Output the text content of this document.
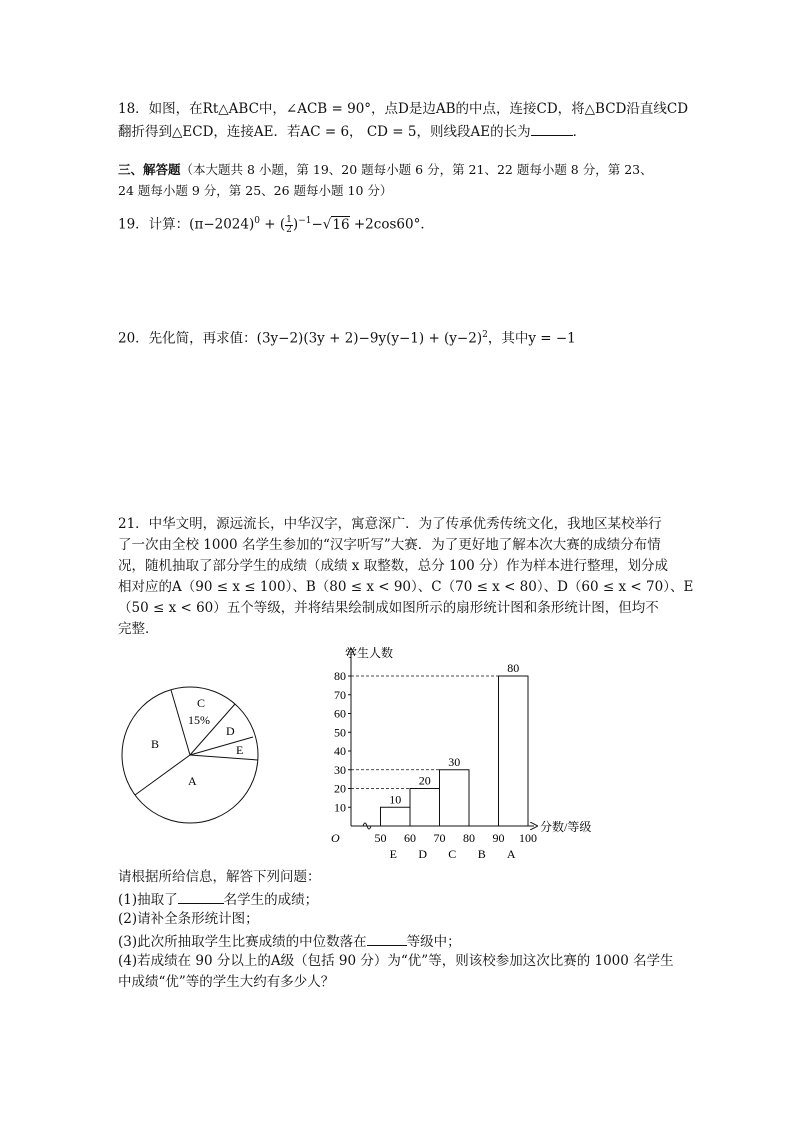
18．如图，在Rt△ABC中，∠ACB = 90°，点D是边AB的中点，连接CD，将△BCD沿直线CD
翻折得到△ECD，连接AE．若AC = 6， CD = 5，则线段AE的长为	．
三、解答题（本大题共 8 小题，第 19、20 题每小题 6 分，第 21、22 题每小题 8 分，第 23、
24 题每小题 9 分，第 25、26 题每小题 10 分）
19．计算：$(\pi-2024)^0$ + ( $\frac{1}{2} )^{-1}-√16 +2\cos 60^\circ$．
20．先化简，再求值：$(3y-2)(3y + 2)-9y(y-1) + (y-2)^2$，其中y = −1
21．中华文明，源远流长，中华汉字，寓意深广．为了传承优秀传统文化，我地区某校举行
了一次由全校 1000 名学生参加的“汉字听写”大赛．为了更好地了解本次大赛的成绩分布情
况，随机抽取了部分学生的成绩（成绩 x 取整数，总分 100 分）作为样本进行整理，划分成
相对应的A（90 ≤ x ≤ 100）、B（80 ≤ x < 90）、C（70 ≤ x < 80）、D（60 ≤ x < 70）、E
（50 ≤ x < 60）五个等级，并将结果绘制成如图所示的扇形统计图和条形统计图，但均不
完整．
C
15%
D
E
B
A
学生人数
分数/等级
O
10
20
30
40
50
60
70
80
50 60 70 80 90 100
E D C B A
10
20
30
80
请根据所给信息，解答下列问题：
(1)抽取了	名学生的成绩；
(2)请补全条形统计图；
(3)此次所抽取学生比赛成绩的中位数落在	等级中；
(4)若成绩在 90 分以上的A级（包括 90 分）为“优”等，则该校参加这次比赛的 1000 名学生
中成绩“优”等的学生大约有多少人？
